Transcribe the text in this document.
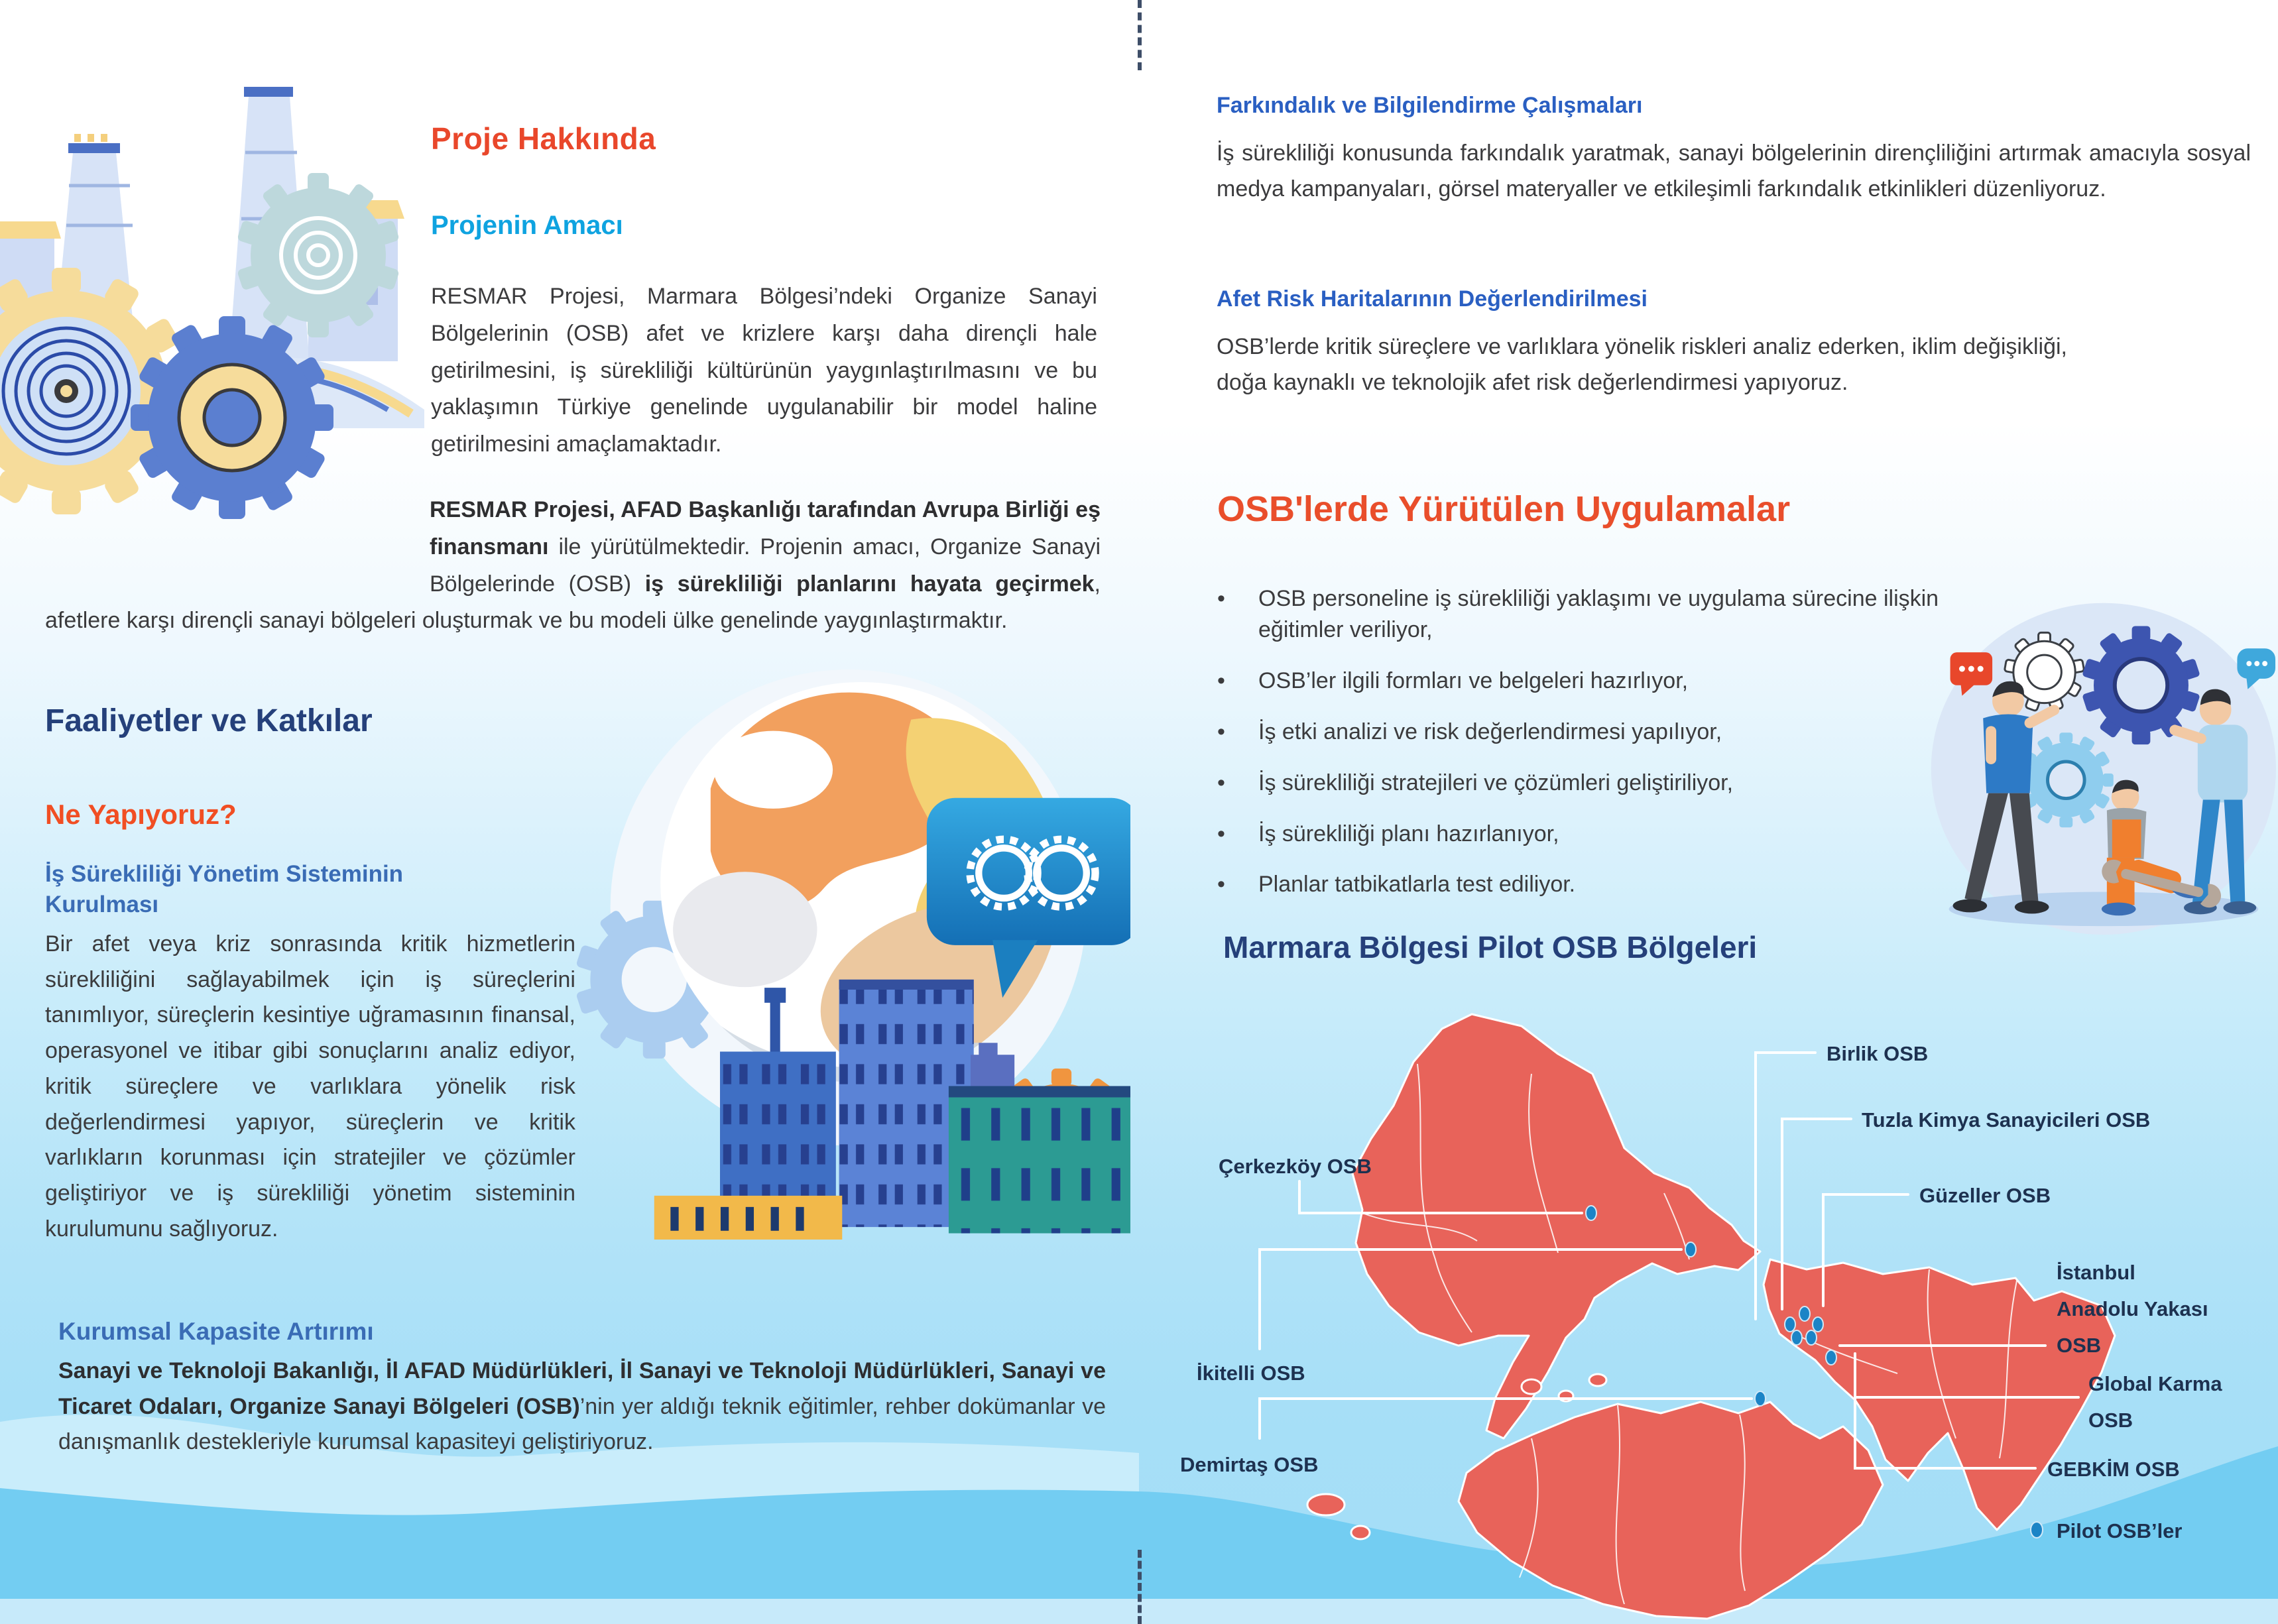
Proje Hakkında
Projenin Amacı
RESMAR Projesi, Marmara Bölgesi’ndeki Organize Sanayi Bölgelerinin (OSB) afet ve krizlere karşı daha dirençli hale getirilmesini, iş sürekliliği kültürünün yaygınlaştırılmasını ve bu yaklaşımın Türkiye genelinde uygulanabilir bir model haline getirilmesini amaçlamaktadır.
RESMAR Projesi, AFAD Başkanlığı tarafından Avrupa Birliği eş finansmanı ile yürütülmektedir. Projenin amacı, Organize Sanayi Bölgelerinde (OSB) iş sürekliliği planlarını hayata geçirmek, afetlere karşı dirençli sanayi bölgeleri oluşturmak ve bu modeli ülke genelinde yaygınlaştırmaktır.
Faaliyetler ve Katkılar
Ne Yapıyoruz?
İş Sürekliliği Yönetim Sisteminin Kurulması
Bir afet veya kriz sonrasında kritik hizmetlerin sürekliliğini sağlayabilmek için iş süreçlerini tanımlıyor, süreçlerin kesintiye uğramasının finansal, operasyonel ve itibar gibi sonuçlarını analiz ediyor, kritik süreçlere ve varlıklara yönelik risk değerlendirmesi yapıyor, süreçlerin ve kritik varlıkların korunması için stratejiler ve çözümler geliştiriyor ve iş sürekliliği yönetim sisteminin kurulumunu sağlıyoruz.
Kurumsal Kapasite Artırımı
Sanayi ve Teknoloji Bakanlığı, İl AFAD Müdürlükleri, İl Sanayi ve Teknoloji Müdürlükleri, Sanayi ve Ticaret Odaları, Organize Sanayi Bölgeleri (OSB)’nin yer aldığı teknik eğitimler, rehber dokümanlar ve danışmanlık destekleriyle kurumsal kapasiteyi geliştiriyoruz.
Farkındalık ve Bilgilendirme Çalışmaları
İş sürekliliği konusunda farkındalık yaratmak, sanayi bölgelerinin dirençliliğini artırmak amacıyla sosyal medya kampanyaları, görsel materyaller ve etkileşimli farkındalık etkinlikleri düzenliyoruz.
Afet Risk Haritalarının Değerlendirilmesi
OSB’lerde kritik süreçlere ve varlıklara yönelik riskleri analiz ederken, iklim değişikliği, doğa kaynaklı ve teknolojik afet risk değerlendirmesi yapıyoruz.
OSB'lerde Yürütülen Uygulamalar
•	OSB personeline iş sürekliliği yaklaşımı ve uygulama sürecine ilişkin eğitimler veriliyor,
•	OSB’ler ilgili formları ve belgeleri hazırlıyor,
•	İş etki analizi ve risk değerlendirmesi yapılıyor,
•	İş sürekliliği stratejileri ve çözümleri geliştiriliyor,
•	İş sürekliliği planı hazırlanıyor,
•	Planlar tatbikatlarla test ediliyor.
Marmara Bölgesi Pilot OSB Bölgeleri
Çerkezköy OSB
İkitelli OSB
Birlik OSB
Tuzla Kimya Sanayicileri OSB
Güzeller OSB
İstanbul
Anadolu Yakası
OSB
Global Karma
OSB
GEBKİM OSB
Demirtaş OSB
Pilot OSB’ler
